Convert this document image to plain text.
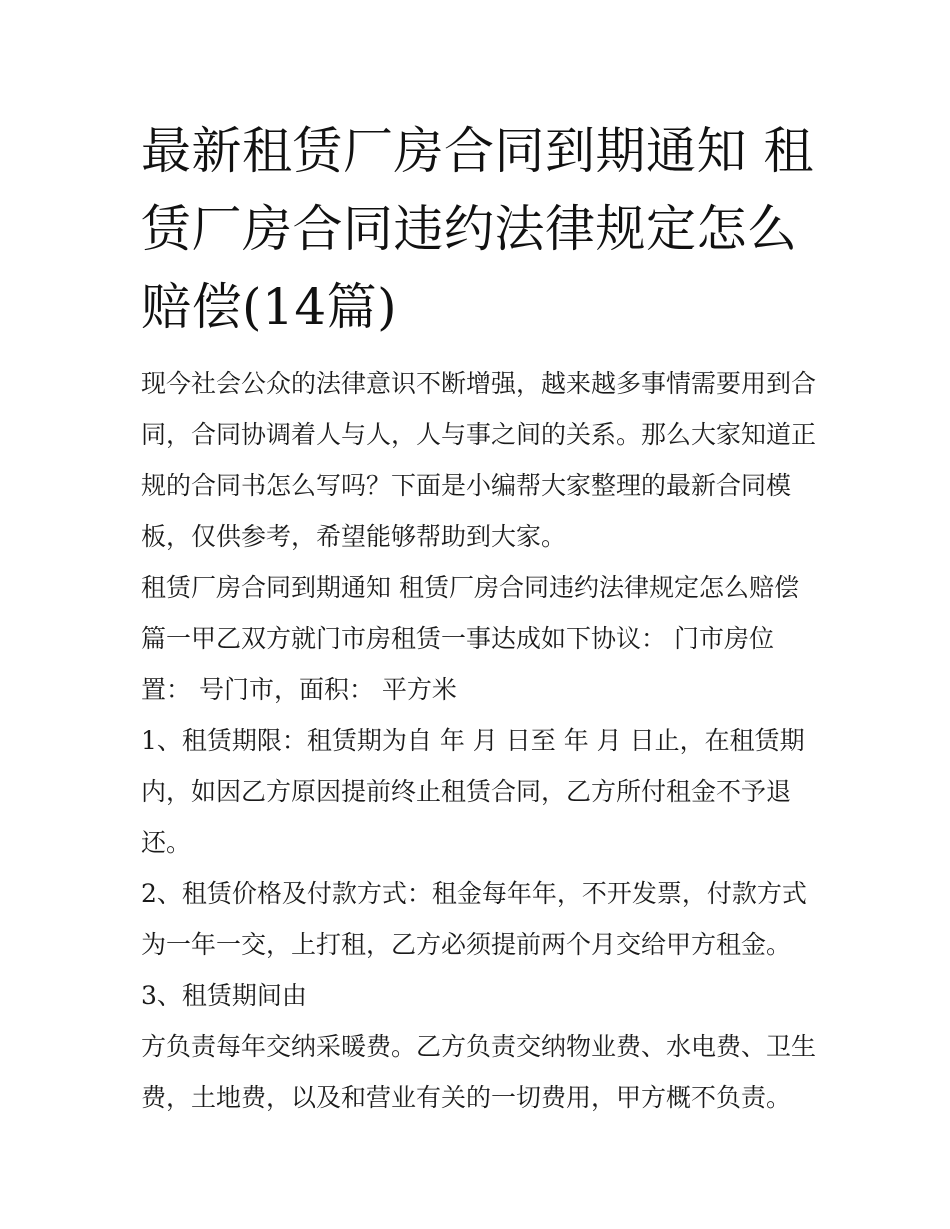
最新租赁厂房合同到期通知 租赁厂房合同违约法律规定怎么赔偿(14篇)

现今社会公众的法律意识不断增强，越来越多事情需要用到合同，合同协调着人与人，人与事之间的关系。那么大家知道正规的合同书怎么写吗？下面是小编帮大家整理的最新合同模板，仅供参考，希望能够帮助到大家。

租赁厂房合同到期通知 租赁厂房合同违约法律规定怎么赔偿篇一甲乙双方就门市房租赁一事达成如下协议： 门市房位置： 号门市，面积： 平方米

1、租赁期限：租赁期为自 年 月 日至 年 月 日止，在租赁期内，如因乙方原因提前终止租赁合同，乙方所付租金不予退还。

2、租赁价格及付款方式：租金每年年，不开发票，付款方式为一年一交，上打租，乙方必须提前两个月交给甲方租金。

3、租赁期间由

方负责每年交纳采暖费。乙方负责交纳物业费、水电费、卫生费，土地费，以及和营业有关的一切费用，甲方概不负责。
